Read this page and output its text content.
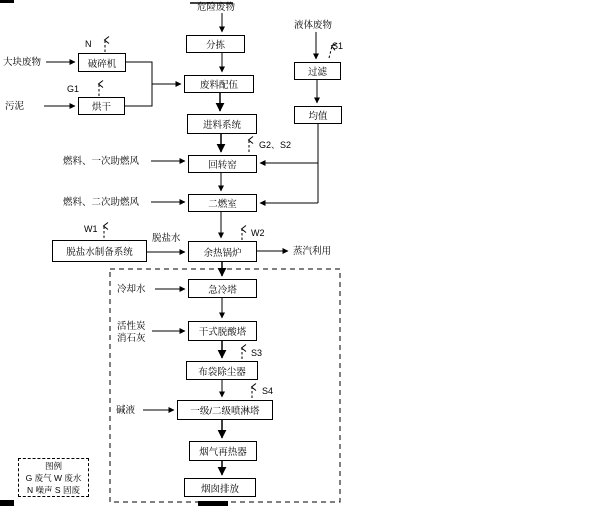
分拣
废料配伍
进料系统
回转窑
二燃室
余热锅炉
急冷塔
干式脱酸塔
布袋除尘器
一级/二级喷淋塔
烟气再热器
烟囱排放
破碎机
烘干
过滤
均值
脱盐水制备系统
危险废物
液体废物
大块废物
污泥
燃料、一次助燃风
燃料、二次助燃风
脱盐水
蒸汽利用
冷却水
活性炭
消石灰
碱液
N
G1
G2、S2
S1
W1	W2
S3
S4
图例
G 废气 W 废水
N 噪声 S 固废
